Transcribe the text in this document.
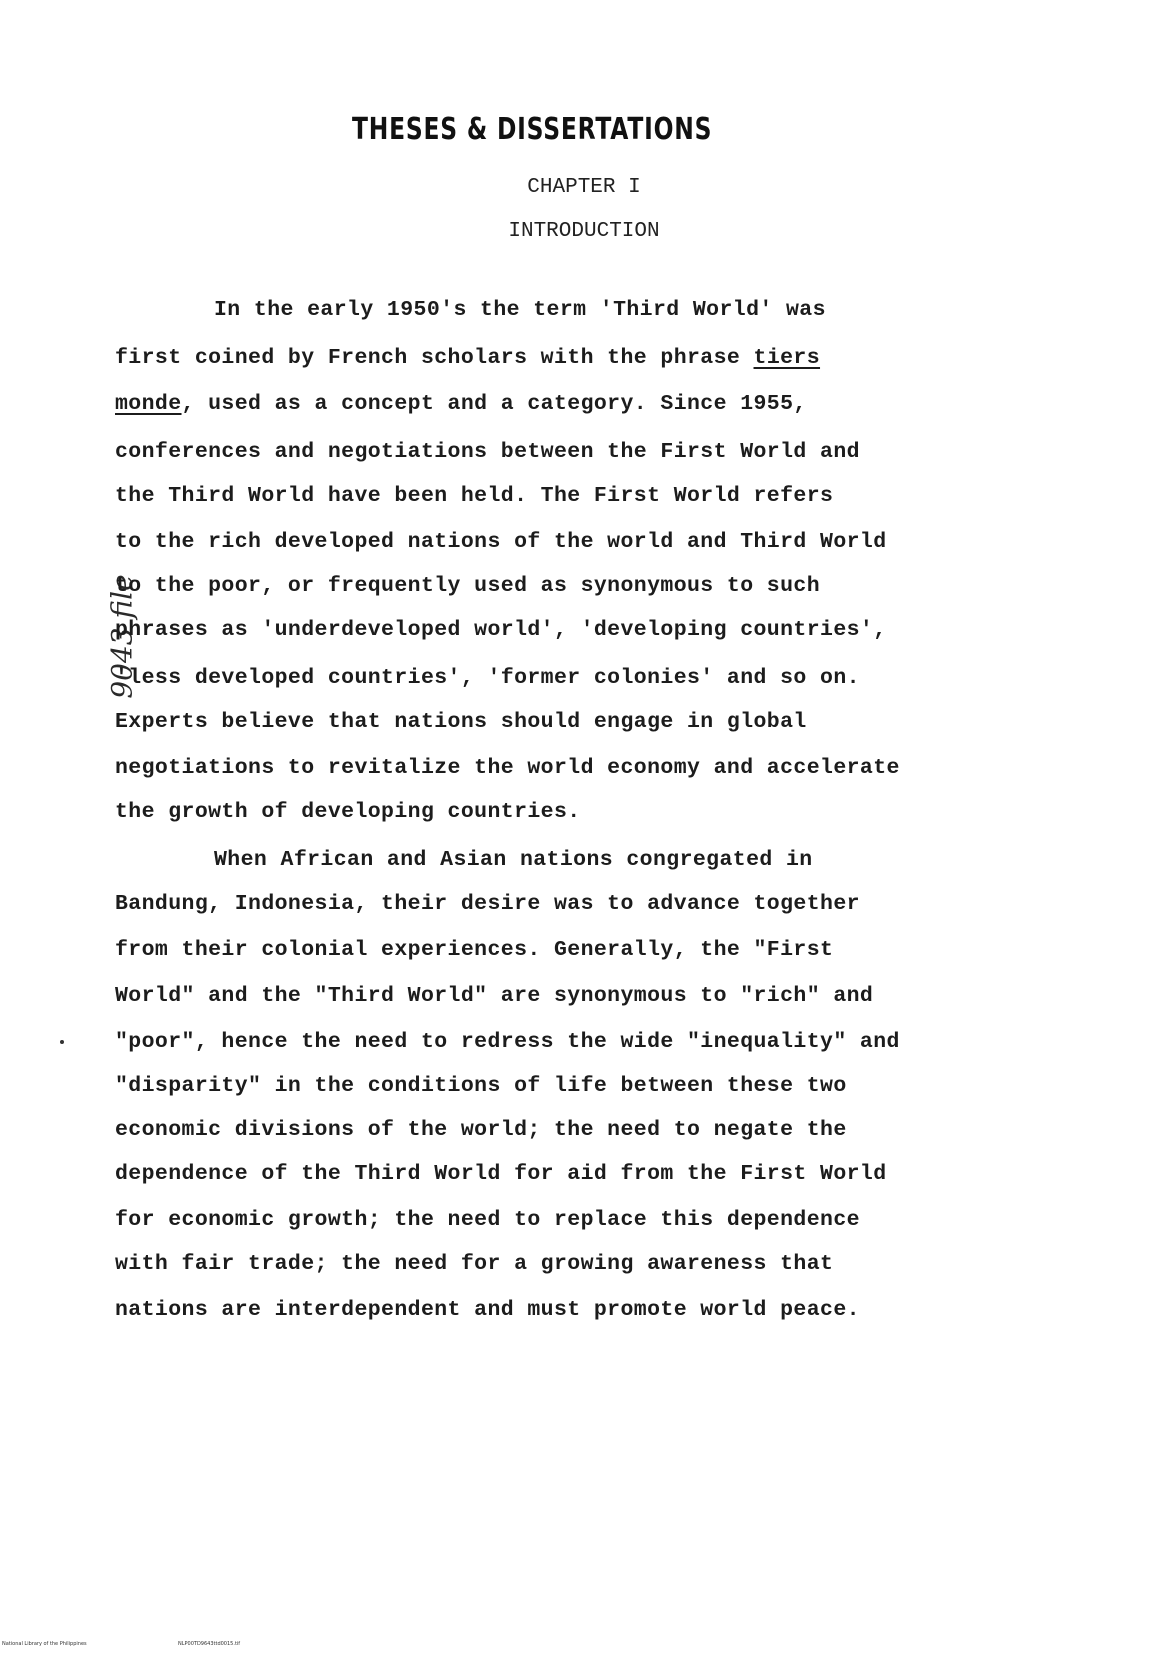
THESES & DISSERTATIONS
CHAPTER I
INTRODUCTION
9043 file
In the early 1950's the term 'Third World' was
first coined by French scholars with the phrase tiers
monde, used as a concept and a category. Since 1955,
conferences and negotiations between the First World and
the Third World have been held. The First World refers
to the rich developed nations of the world and Third World
to the poor, or frequently used as synonymous to such
phrases as 'underdeveloped world', 'developing countries',
'less developed countries', 'former colonies' and so on.
Experts believe that nations should engage in global
negotiations to revitalize the world economy and accelerate
the growth of developing countries.
When African and Asian nations congregated in
Bandung, Indonesia, their desire was to advance together
from their colonial experiences. Generally, the "First
World" and the "Third World" are synonymous to "rich" and
"poor", hence the need to redress the wide "inequality" and
"disparity" in the conditions of life between these two
economic divisions of the world; the need to negate the
dependence of the Third World for aid from the First World
for economic growth; the need to replace this dependence
with fair trade; the need for a growing awareness that
nations are interdependent and must promote world peace.
National Library of the Philippines	NLP00TD9643ttd0015.tif
